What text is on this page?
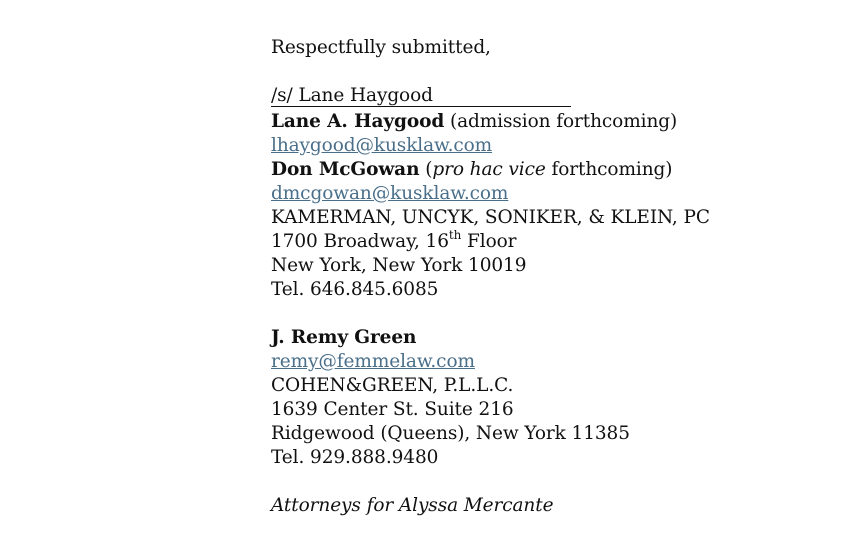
Respectfully submitted,
/s/ Lane Haygood
Lane A. Haygood (admission forthcoming)
lhaygood@kusklaw.com
Don McGowan (pro hac vice forthcoming)
dmcgowan@kusklaw.com
KAMERMAN, UNCYK, SONIKER, & KLEIN, PC
1700 Broadway, 16th Floor
New York, New York 10019
Tel. 646.845.6085
J. Remy Green
remy@femmelaw.com
COHEN&GREEN, P.L.L.C.
1639 Center St. Suite 216
Ridgewood (Queens), New York 11385
Tel. 929.888.9480
Attorneys for Alyssa Mercante
